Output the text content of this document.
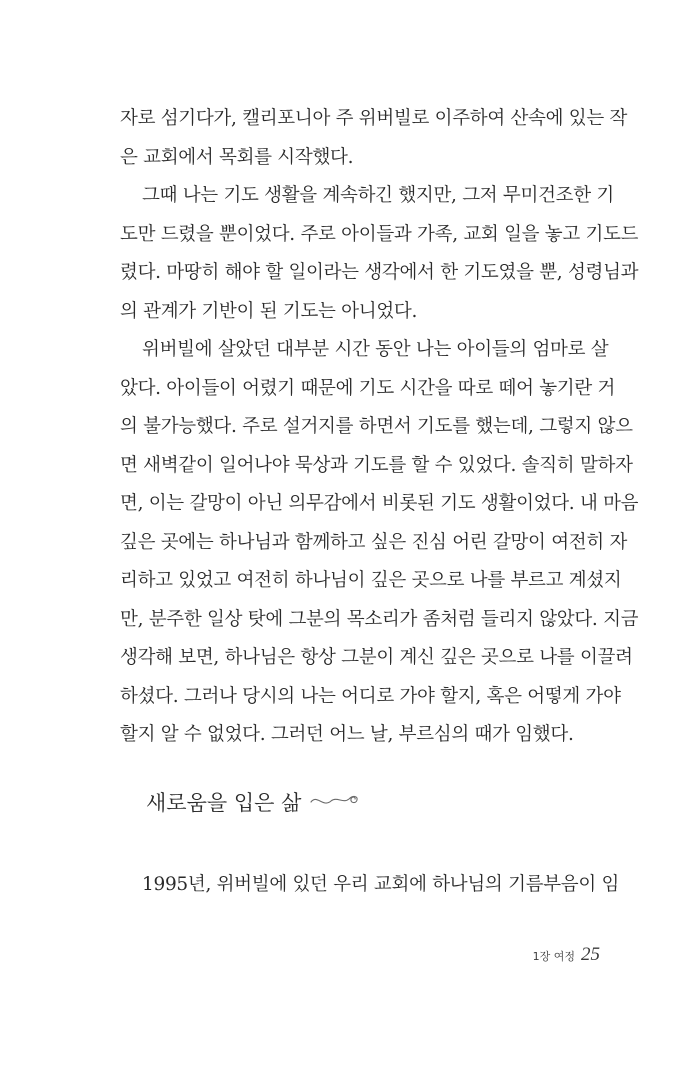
자로 섬기다가, 캘리포니아 주 위버빌로 이주하여 산속에 있는 작
은 교회에서 목회를 시작했다.
그때 나는 기도 생활을 계속하긴 했지만, 그저 무미건조한 기
도만 드렸을 뿐이었다. 주로 아이들과 가족, 교회 일을 놓고 기도드
렸다. 마땅히 해야 할 일이라는 생각에서 한 기도였을 뿐, 성령님과
의 관계가 기반이 된 기도는 아니었다.
위버빌에 살았던 대부분 시간 동안 나는 아이들의 엄마로 살
았다. 아이들이 어렸기 때문에 기도 시간을 따로 떼어 놓기란 거
의 불가능했다. 주로 설거지를 하면서 기도를 했는데, 그렇지 않으
면 새벽같이 일어나야 묵상과 기도를 할 수 있었다. 솔직히 말하자
면, 이는 갈망이 아닌 의무감에서 비롯된 기도 생활이었다. 내 마음
깊은 곳에는 하나님과 함께하고 싶은 진심 어린 갈망이 여전히 자
리하고 있었고 여전히 하나님이 깊은 곳으로 나를 부르고 계셨지
만, 분주한 일상 탓에 그분의 목소리가 좀처럼 들리지 않았다. 지금
생각해 보면, 하나님은 항상 그분이 계신 깊은 곳으로 나를 이끌려
하셨다. 그러나 당시의 나는 어디로 가야 할지, 혹은 어떻게 가야
할지 알 수 없었다. 그러던 어느 날, 부르심의 때가 임했다.
새로움을 입은 삶
1995년, 위버빌에 있던 우리 교회에 하나님의 기름부음이 임
1장 여정 25
